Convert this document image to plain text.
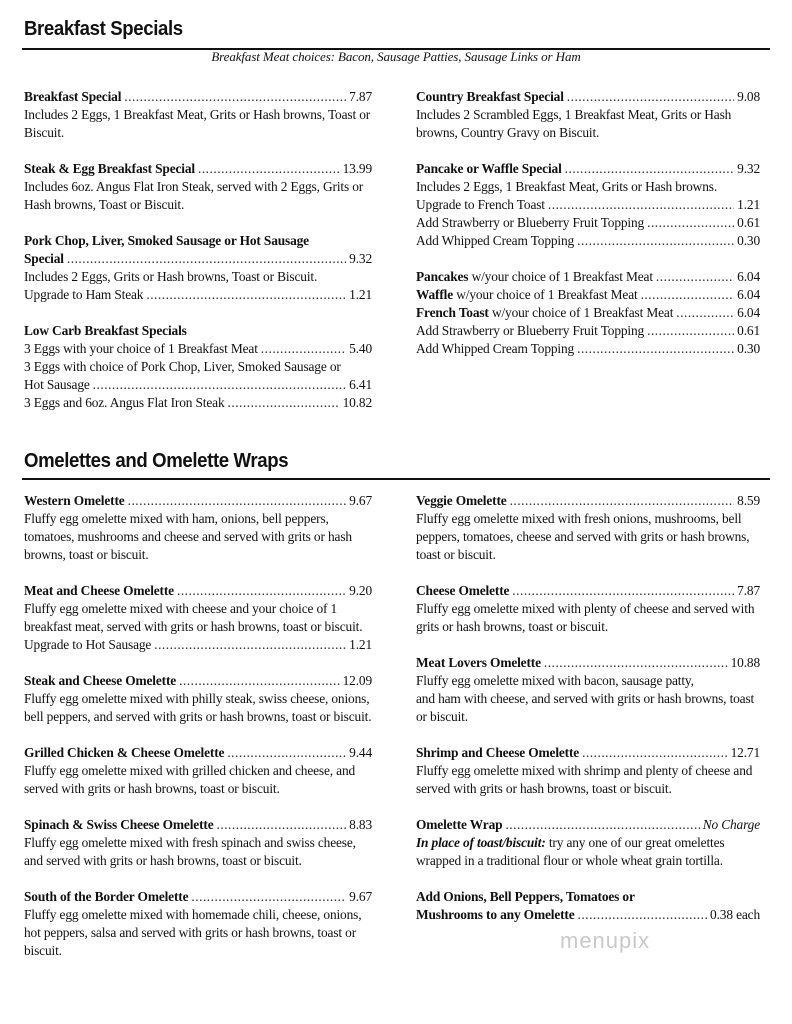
Breakfast Specials
Breakfast Meat choices: Bacon, Sausage Patties, Sausage Links or Ham
Breakfast Special .....	7.87

Includes 2 Eggs, 1 Breakfast Meat, Grits or Hash browns, Toast or Biscuit.

Steak & Egg Breakfast Special .....	13.99

Includes 6oz. Angus Flat Iron Steak, served with 2 Eggs, Grits or Hash browns, Toast or Biscuit.

Pork Chop, Liver, Smoked Sausage or Hot Sausage
Special .....	9.32

Includes 2 Eggs, Grits or Hash browns, Toast or Biscuit.

Upgrade to Ham Steak .....	1.21
Low Carb Breakfast Specials
3 Eggs with your choice of 1 Breakfast Meat .....	5.40
3 Eggs with choice of Pork Chop, Liver, Smoked Sausage or
Hot Sausage .....	6.41
3 Eggs and 6oz. Angus Flat Iron Steak .....	10.82
Country Breakfast Special .....	9.08

Includes 2 Scrambled Eggs, 1 Breakfast Meat, Grits or Hash browns, Country Gravy on Biscuit.

Pancake or Waffle Special .....	9.32

Includes 2 Eggs, 1 Breakfast Meat, Grits or Hash browns.

Upgrade to French Toast .....	1.21
Add Strawberry or Blueberry Fruit Topping .....	0.61
Add Whipped Cream Topping .....	0.30
Pancakes
w/your choice of 1 Breakfast Meat .....	6.04
Waffle
w/your choice of 1 Breakfast Meat .....	6.04
French Toast
w/your choice of 1 Breakfast Meat .....	6.04
Add Strawberry or Blueberry Fruit Topping .....	0.61
Add Whipped Cream Topping .....	0.30
Omelettes and Omelette Wraps
Western Omelette .....	9.67

Fluffy egg omelette mixed with ham, onions, bell peppers, tomatoes, mushrooms and cheese and served with grits or hash browns, toast or biscuit.

Meat and Cheese Omelette .....	9.20

Fluffy egg omelette mixed with cheese and your choice of 1 breakfast meat, served with grits or hash browns, toast or biscuit.

Upgrade to Hot Sausage .....	1.21
Steak and Cheese Omelette .....	12.09

Fluffy egg omelette mixed with philly steak, swiss cheese, onions, bell peppers, and served with grits or hash browns, toast or biscuit.

Grilled Chicken & Cheese Omelette .....	9.44

Fluffy egg omelette mixed with grilled chicken and cheese, and served with grits or hash browns, toast or biscuit.

Spinach & Swiss Cheese Omelette .....	8.83

Fluffy egg omelette mixed with fresh spinach and swiss cheese, and served with grits or hash browns, toast or biscuit.

South of the Border Omelette .....	9.67

Fluffy egg omelette mixed with homemade chili, cheese, onions, hot peppers, salsa and served with grits or hash browns, toast or biscuit.

Veggie Omelette .....	8.59

Fluffy egg omelette mixed with fresh onions, mushrooms, bell peppers, tomatoes, cheese and served with grits or hash browns, toast or biscuit.

Cheese Omelette .....	7.87

Fluffy egg omelette mixed with plenty of cheese and served with grits or hash browns, toast or biscuit.

Meat Lovers Omelette .....	10.88
Fluffy egg omelette mixed with bacon, sausage patty,

and ham with cheese, and served with grits or hash browns, toast or biscuit.

Shrimp and Cheese Omelette .....	12.71

Fluffy egg omelette mixed with shrimp and plenty of cheese and served with grits or hash browns, toast or biscuit.

Omelette Wrap .....	No Charge

In place of toast/biscuit: try any one of our great omelettes wrapped in a traditional flour or whole wheat grain tortilla.

Add Onions, Bell Peppers, Tomatoes or
Mushrooms to any Omelette .....	0.38 each
menupix
